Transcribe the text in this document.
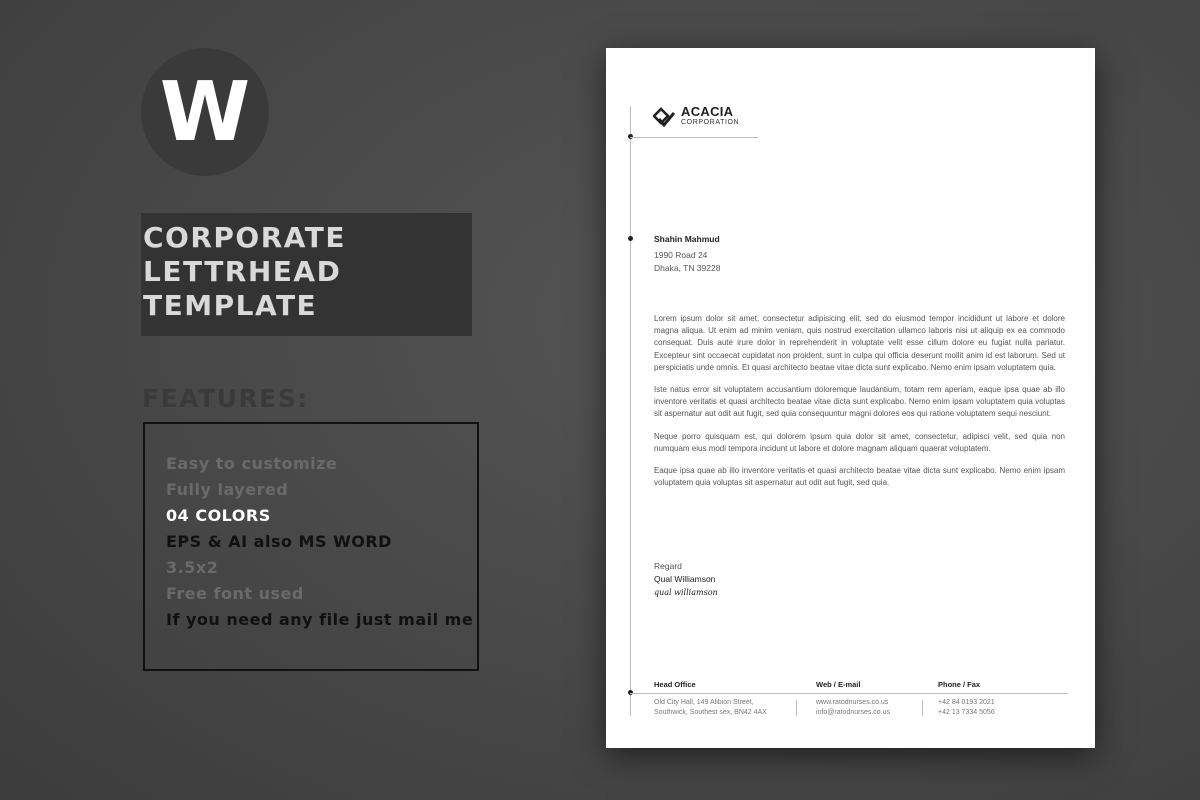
W
CORPORATE
LETTRHEAD
TEMPLATE
FEATURES:
Easy to customize
Fully layered
04 COLORS
EPS & AI also MS WORD
3.5x2
Free font used
If you need any file just mail me
ACACIA
CORPORATION
Shahin Mahmud
1990 Road 24
Dhaka, TN 39228

Lorem ipsum dolor sit amet, consectetur adipisicing elit, sed do eiusmod tempor incididunt ut labore et dolore magna aliqua. Ut enim ad minim veniam, quis nostrud exercitation ullamco laboris nisi ut aliquip ex ea commodo consequat. Duis aute irure dolor in reprehenderit in voluptate velit esse cillum dolore eu fugiat nulla pariatur. Excepteur sint occaecat cupidatat non proident, sunt in culpa qui officia deserunt mollit anim id est laborum. Sed ut perspiciatis unde omnis. Et quasi architecto beatae vitae dicta sunt explicabo. Nemo enim ipsam voluptatem quia.

Iste natus error sit voluptatem accusantium doloremque laudantium, totam rem aperiam, eaque ipsa quae ab illo inventore veritatis et quasi architecto beatae vitae dicta sunt explicabo. Nemo enim ipsam voluptatem quia voluptas sit aspernatur aut odit aut fugit, sed quia consequuntur magni dolores eos qui ratione voluptatem sequi nesciunt.

Neque porro quisquam est, qui dolorem ipsum quia dolor sit amet, consectetur, adipisci velit, sed quia non numquam eius modi tempora incidunt ut labore et dolore magnam aliquam quaerat voluptatem.

Eaque ipsa quae ab illo inventore veritatis et quasi architecto beatae vitae dicta sunt explicabo. Nemo enim ipsam voluptatem quia voluptas sit aspernatur aut odit aut fugit, sed quia.

Regard
Qual Williamson
qual williamson
Head Office
Old City Hall, 149 Alibion Street,
Southwick, Southest sex, BN42 4AX
Web / E-mail
www.ratodnurses.co.us
info@ratodnurses.co.us
Phone / Fax
+42 84 0193 2021
+42 13 7334 5056
